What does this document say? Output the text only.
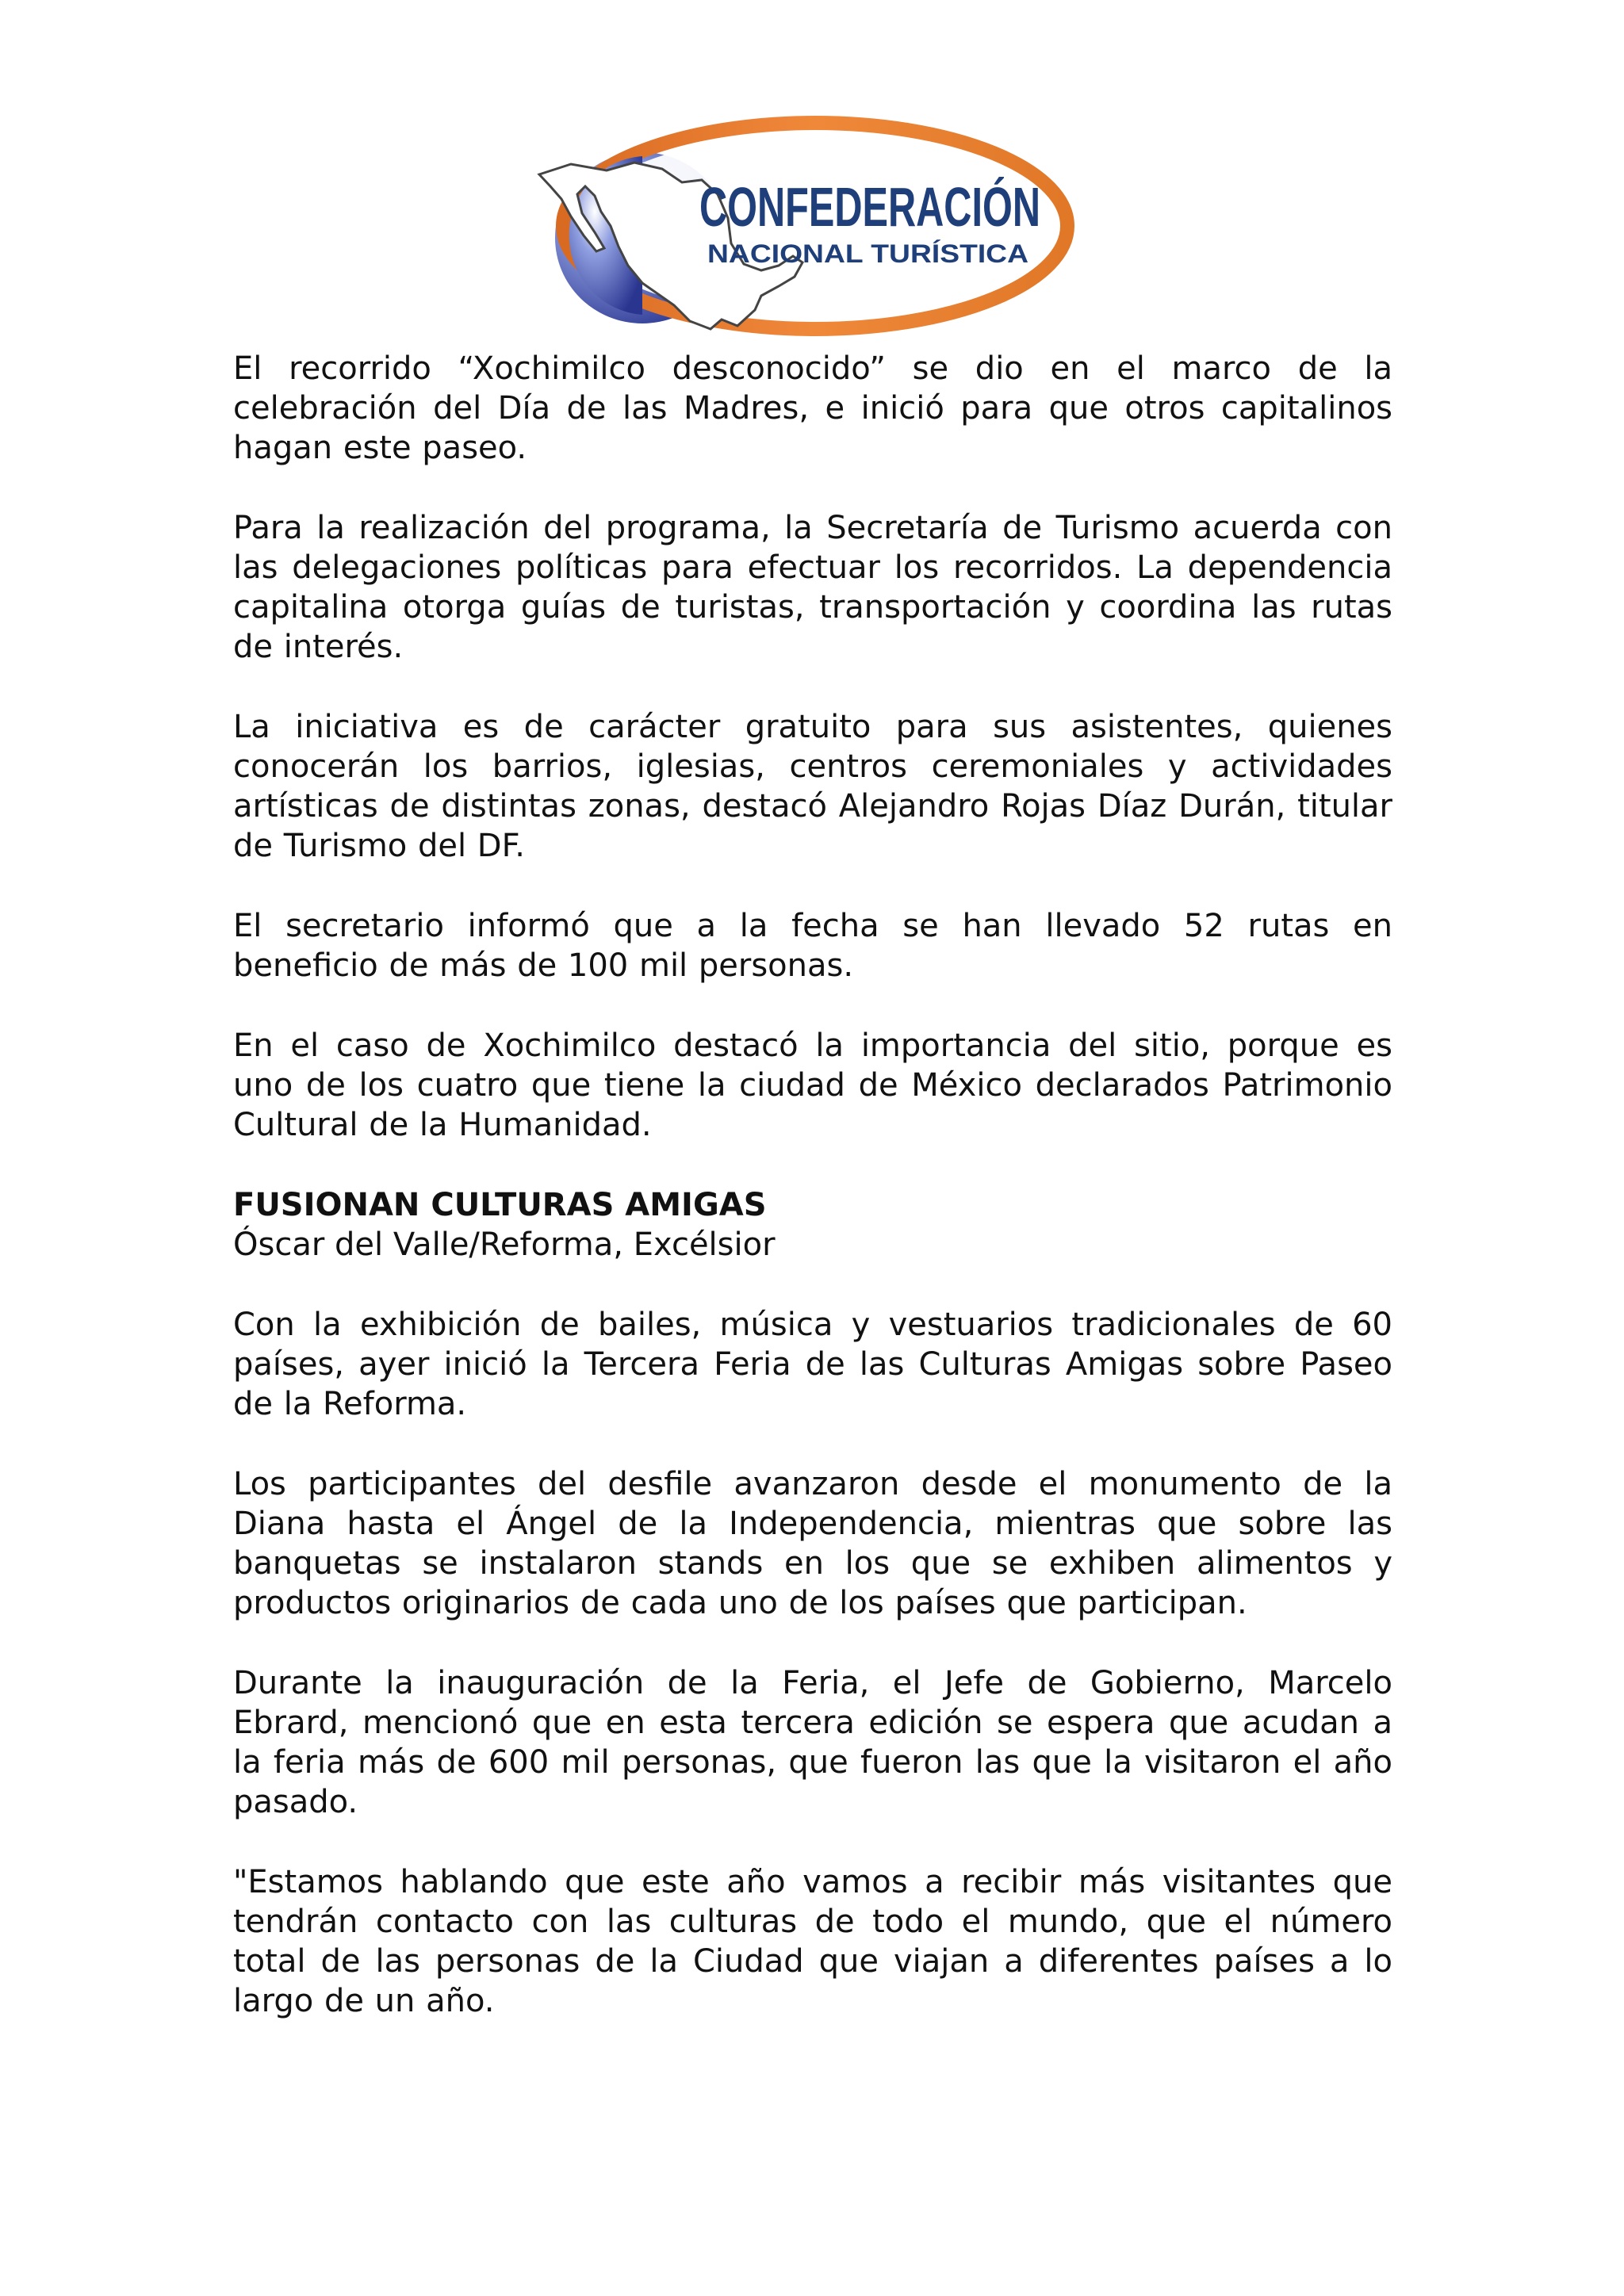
CONFEDERACIÓN
NACIONAL TURÍSTICA

El recorrido “Xochimilco desconocido” se dio en el marco de la celebración del Día de las Madres, e inició para que otros capitalinos hagan este paseo.

Para la realización del programa, la Secretaría de Turismo acuerda con las delegaciones políticas para efectuar los recorridos. La dependencia capitalina otorga guías de turistas, transportación y coordina las rutas de interés.

La iniciativa es de carácter gratuito para sus asistentes, quienes conocerán los barrios, iglesias, centros ceremoniales y actividades artísticas de distintas zonas, destacó Alejandro Rojas Díaz Durán, titular de Turismo del DF.

El secretario informó que a la fecha se han llevado 52 rutas en beneficio de más de 100 mil personas.

En el caso de Xochimilco destacó la importancia del sitio, porque es uno de los cuatro que tiene la ciudad de México declarados Patrimonio Cultural de la Humanidad.

FUSIONAN CULTURAS AMIGAS
Óscar del Valle/Reforma, Excélsior

Con la exhibición de bailes, música y vestuarios tradicionales de 60 países, ayer inició la Tercera Feria de las Culturas Amigas sobre Paseo de la Reforma.

Los participantes del desfile avanzaron desde el monumento de la Diana hasta el Ángel de la Independencia, mientras que sobre las banquetas se instalaron stands en los que se exhiben alimentos y productos originarios de cada uno de los países que participan.

Durante la inauguración de la Feria, el Jefe de Gobierno, Marcelo Ebrard, mencionó que en esta tercera edición se espera que acudan a la feria más de 600 mil personas, que fueron las que la visitaron el año pasado.

"Estamos hablando que este año vamos a recibir más visitantes que tendrán contacto con las culturas de todo el mundo, que el número total de las personas de la Ciudad que viajan a diferentes países a lo largo de un año.
